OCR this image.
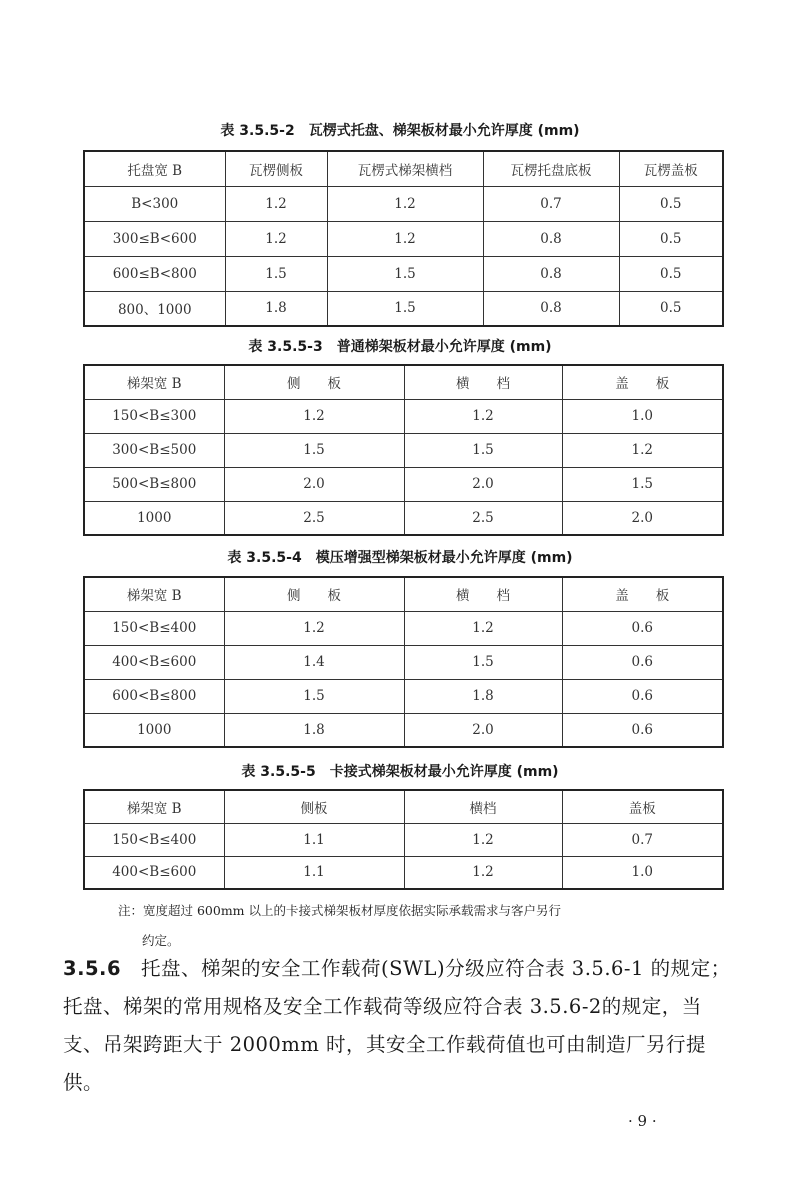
表 3.5.5-2　瓦楞式托盘、梯架板材最小允许厚度 (mm)
托盘宽 B	瓦楞侧板	瓦楞式梯架横档	瓦楞托盘底板	瓦楞盖板
B<300	1.2	1.2	0.7	0.5
300≤B<600	1.2	1.2	0.8	0.5
600≤B<800	1.5	1.5	0.8	0.5
800、1000	1.8	1.5	0.8	0.5
表 3.5.5-3　普通梯架板材最小允许厚度 (mm)
梯架宽 B	侧　　板	横　　档	盖　　板
150<B≤300	1.2	1.2	1.0
300<B≤500	1.5	1.5	1.2
500<B≤800	2.0	2.0	1.5
1000	2.5	2.5	2.0
表 3.5.5-4　模压增强型梯架板材最小允许厚度 (mm)
梯架宽 B	侧　　板	横　　档	盖　　板
150<B≤400	1.2	1.2	0.6
400<B≤600	1.4	1.5	0.6
600<B≤800	1.5	1.8	0.6
1000	1.8	2.0	0.6
表 3.5.5-5　卡接式梯架板材最小允许厚度 (mm)
梯架宽 B	侧板	横档	盖板
150<B≤400	1.1	1.2	0.7
400<B≤600	1.1	1.2	1.0
注：宽度超过 600mm 以上的卡接式梯架板材厚度依据实际承载需求与客户另行
约定。
3.5.6　 托盘、梯架的安全工作载荷(SWL)分级应符合表 3.5.6-1 的规定；托盘、梯架的常用规格及安全工作载荷等级应符合表 3.5.6-2的规定，当支、吊架跨距大于 2000mm 时，其安全工作载荷值也可由制造厂另行提供。
· 9 ·
